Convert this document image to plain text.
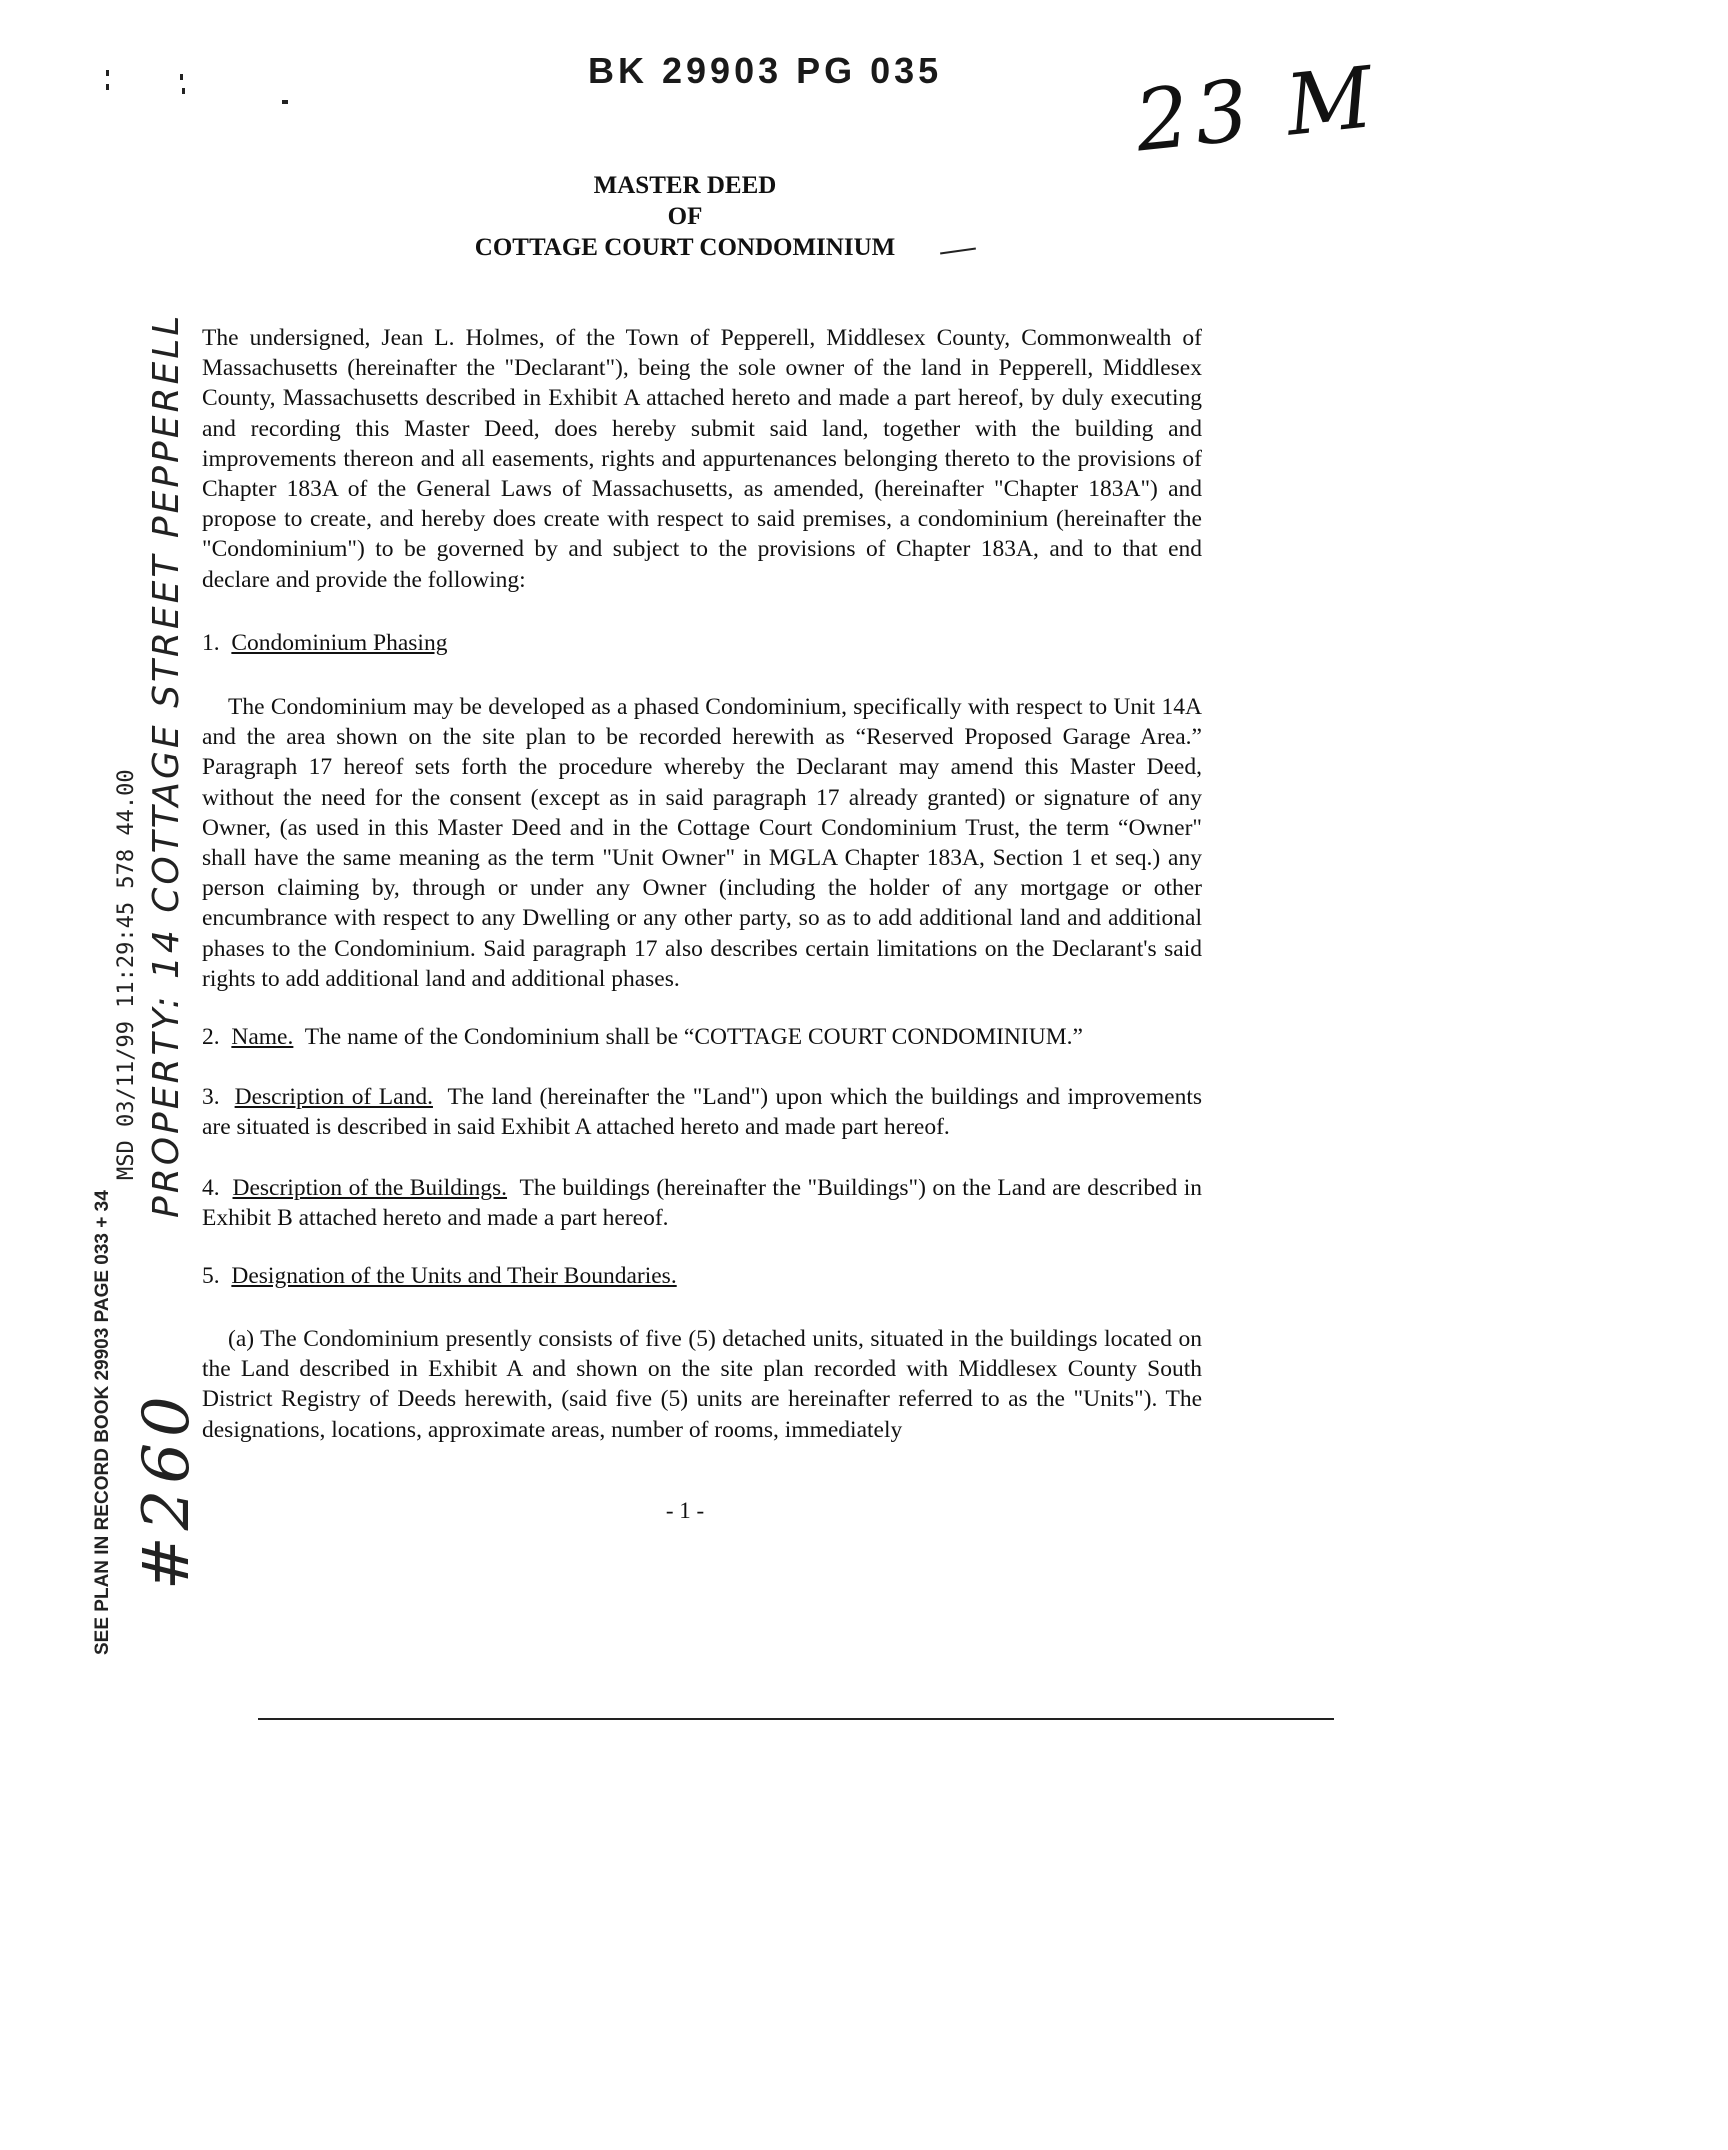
BK 29903 PG 035 23 M
MASTER DEED
OF
COTTAGE COURT CONDOMINIUM
The undersigned, Jean L. Holmes, of the Town of Pepperell, Middlesex County, Commonwealth of Massachusetts (hereinafter the "Declarant"), being the sole owner of the land in Pepperell, Middlesex County, Massachusetts described in Exhibit A attached hereto and made a part hereof, by duly executing and recording this Master Deed, does hereby submit said land, together with the building and improvements thereon and all easements, rights and appurtenances belonging thereto to the provisions of Chapter 183A of the General Laws of Massachusetts, as amended, (hereinafter "Chapter 183A") and propose to create, and hereby does create with respect to said premises, a condominium (hereinafter the "Condominium") to be governed by and subject to the provisions of Chapter 183A, and to that end declare and provide the following:
1. Condominium Phasing
The Condominium may be developed as a phased Condominium, specifically with respect to Unit 14A and the area shown on the site plan to be recorded herewith as “Reserved Proposed Garage Area.” Paragraph 17 hereof sets forth the procedure whereby the Declarant may amend this Master Deed, without the need for the consent (except as in said paragraph 17 already granted) or signature of any Owner, (as used in this Master Deed and in the Cottage Court Condominium Trust, the term “Owner" shall have the same meaning as the term "Unit Owner" in MGLA Chapter 183A, Section 1 et seq.) any person claiming by, through or under any Owner (including the holder of any mortgage or other encumbrance with respect to any Dwelling or any other party, so as to add additional land and additional phases to the Condominium. Said paragraph 17 also describes certain limitations on the Declarant's said rights to add additional land and additional phases.
2. Name. The name of the Condominium shall be “COTTAGE COURT CONDOMINIUM.”
3. Description of Land. The land (hereinafter the "Land") upon which the buildings and improvements are situated is described in said Exhibit A attached hereto and made part hereof.
4. Description of the Buildings. The buildings (hereinafter the "Buildings") on the Land are described in Exhibit B attached hereto and made a part hereof.
5. Designation of the Units and Their Boundaries.
(a) The Condominium presently consists of five (5) detached units, situated in the buildings located on the Land described in Exhibit A and shown on the site plan recorded with Middlesex County South District Registry of Deeds herewith, (said five (5) units are hereinafter referred to as the "Units"). The designations, locations, approximate areas, number of rooms, immediately
- 1 -
MSD 03/11/99 11:29:45 578 44.00 PROPERTY: 14 COTTAGE STREET PEPPERELL
SEE PLAN IN RECORD BOOK 29903 PAGE 033 + 34 #260
